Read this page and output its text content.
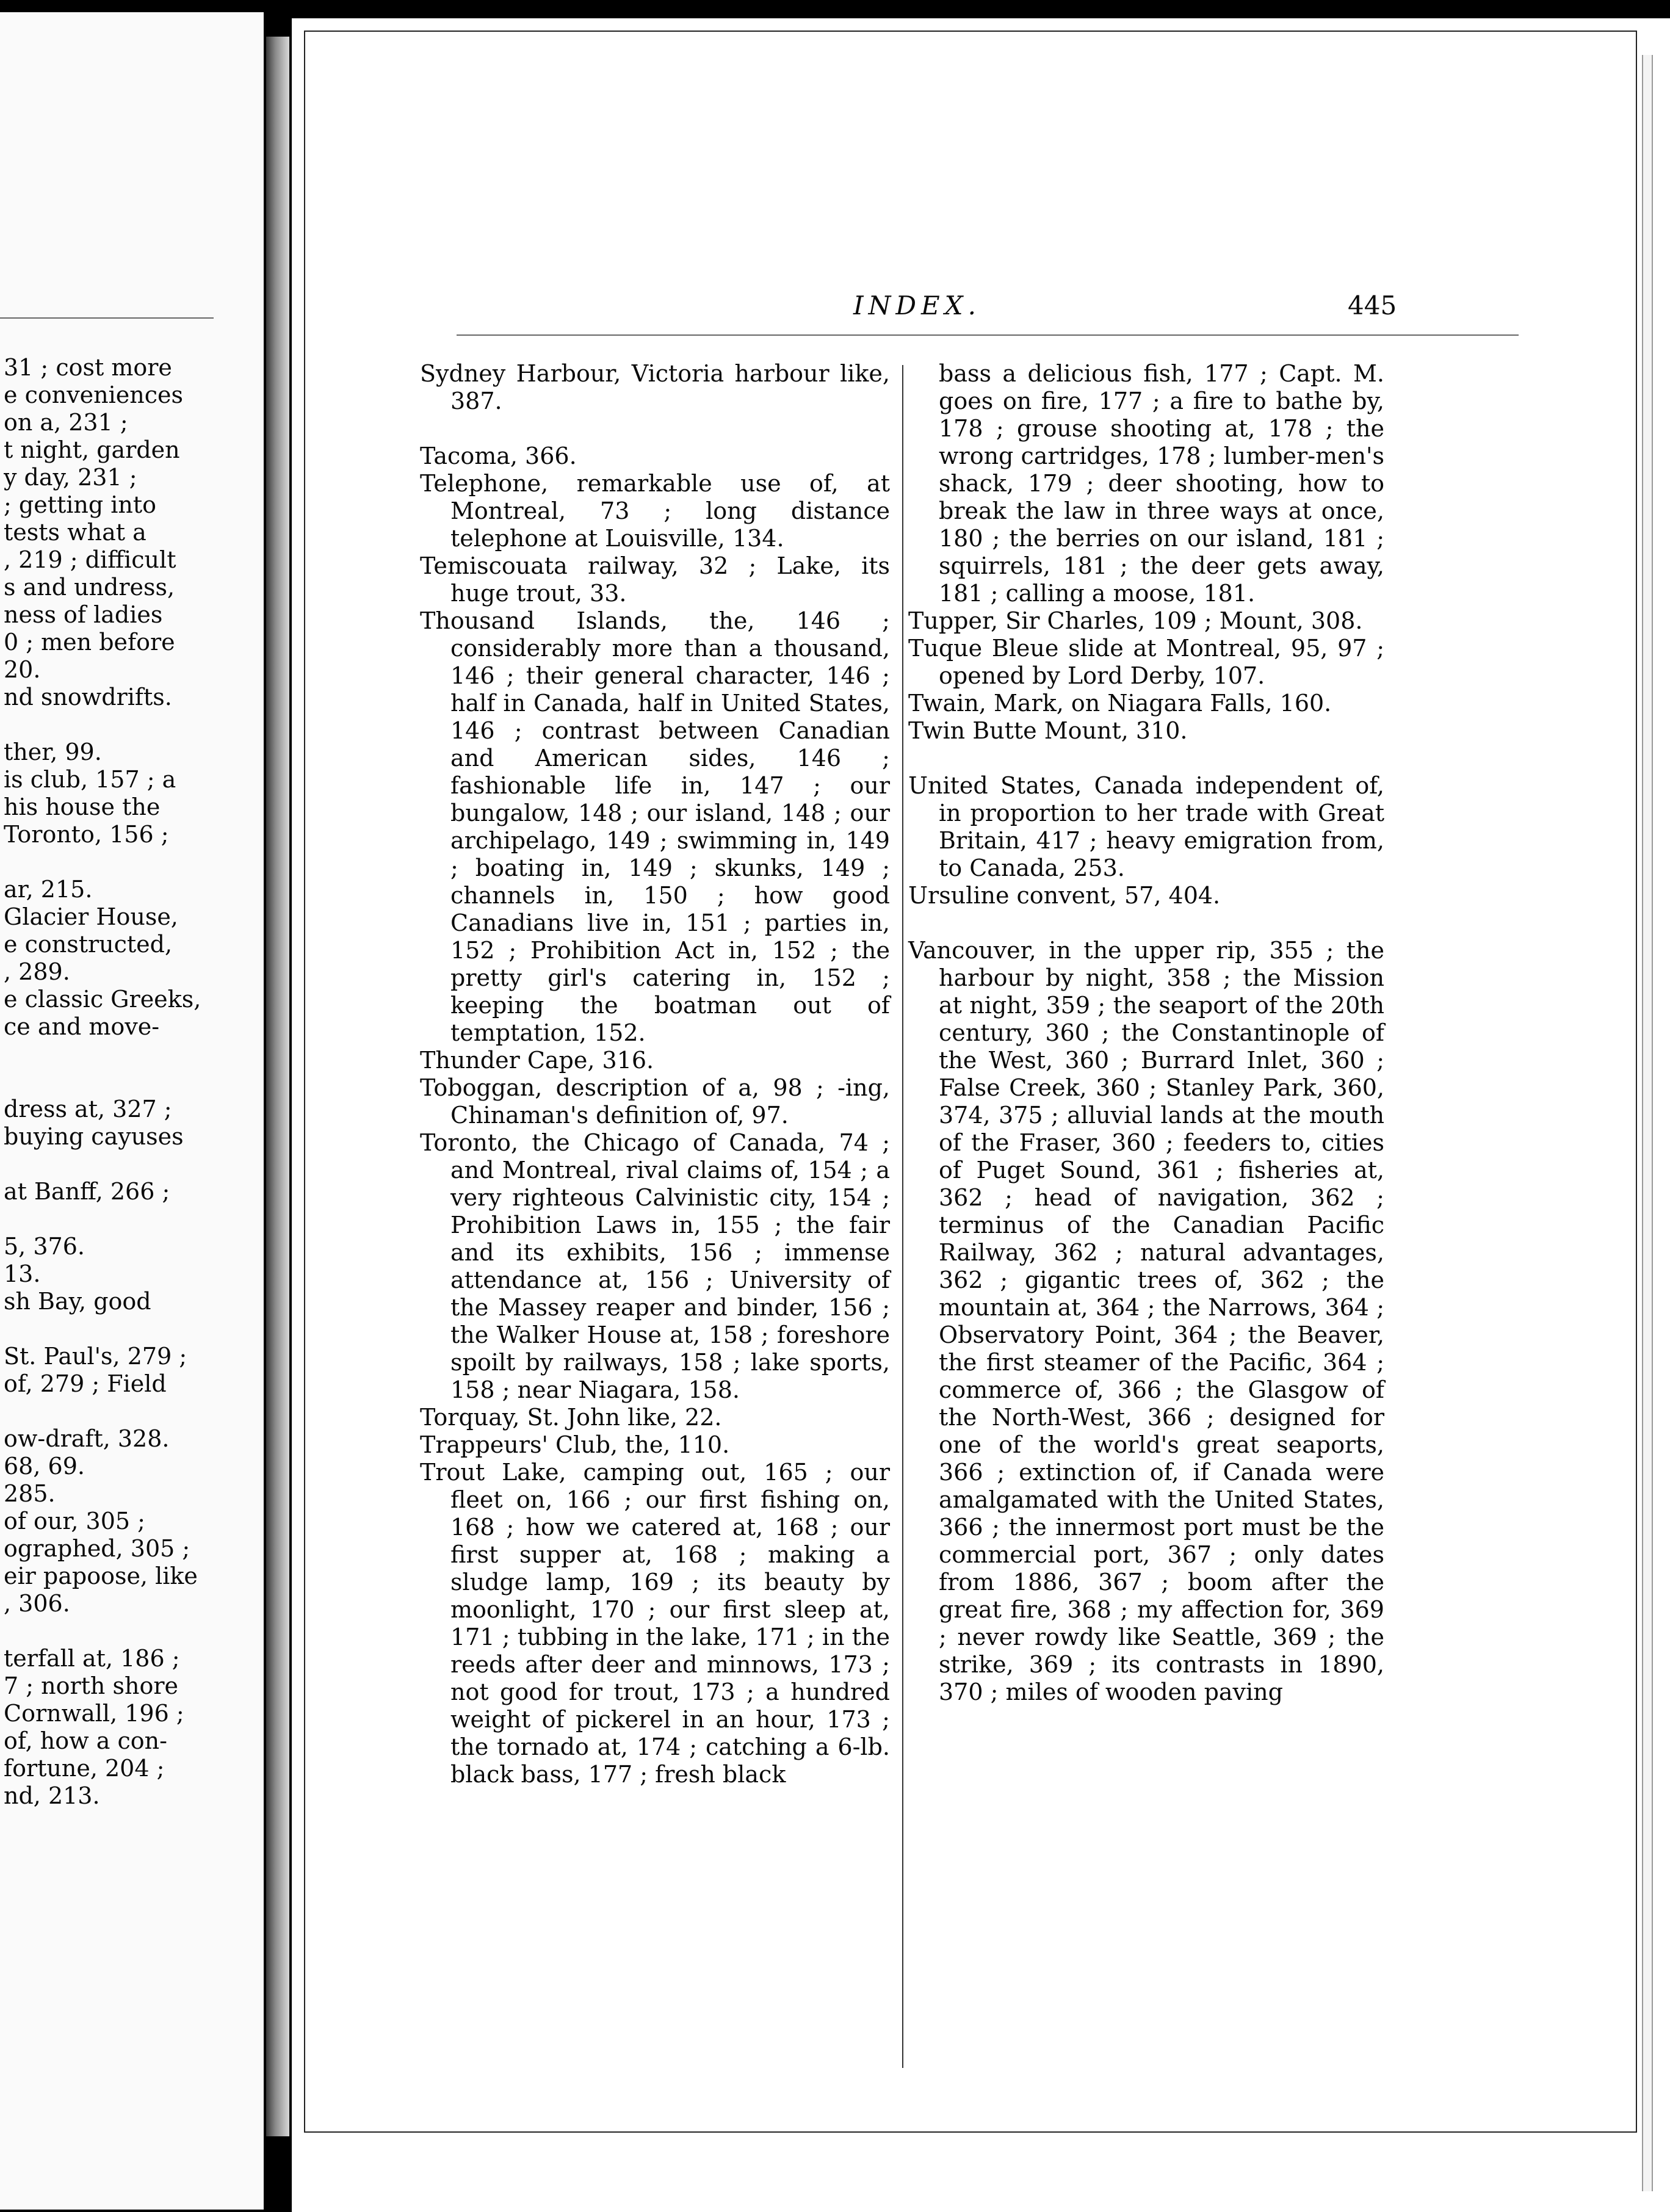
31 ; cost more
e conveniences
on a, 231 ;
t night, garden
y day, 231 ;
; getting into
tests what a
, 219 ; difficult
s and undress,
ness of ladies
0 ; men before
20.
nd snowdrifts.

ther, 99.
is club, 157 ; a
his house the
Toronto, 156 ;

ar, 215.
Glacier House,
e constructed,
, 289.
e classic Greeks,
ce and move-

dress at, 327 ;
buying cayuses

at Banff, 266 ;

5, 376.
13.
sh Bay, good

St. Paul's, 279 ;
of, 279 ; Field

ow-draft, 328.
68, 69.
285.
of our, 305 ;
ographed, 305 ;
eir papoose, like
, 306.

terfall at, 186 ;
7 ; north shore
Cornwall, 196 ;
of, how a con-
fortune, 204 ;
nd, 213.
INDEX.	445
Sydney Harbour, Victoria harbour like, 387.
Tacoma, 366.
Telephone, remarkable use of, at Montreal, 73 ; long distance telephone at Louisville, 134.
Temiscouata railway, 32 ; Lake, its huge trout, 33.
Thousand Islands, the, 146 ; considerably more than a thousand, 146 ; their general character, 146 ; half in Canada, half in United States, 146 ; contrast between Canadian and American sides, 146 ; fashionable life in, 147 ; our bungalow, 148 ; our island, 148 ; our archipelago, 149 ; swimming in, 149 ; boating in, 149 ; skunks, 149 ; channels in, 150 ; how good Canadians live in, 151 ; parties in, 152 ; Prohibition Act in, 152 ; the pretty girl's catering in, 152 ; keeping the boatman out of temptation, 152.
Thunder Cape, 316.
Toboggan, description of a, 98 ; -ing, Chinaman's definition of, 97.
Toronto, the Chicago of Canada, 74 ; and Montreal, rival claims of, 154 ; a very righteous Calvinistic city, 154 ; Prohibition Laws in, 155 ; the fair and its exhibits, 156 ; immense attendance at, 156 ; University of the Massey reaper and binder, 156 ; the Walker House at, 158 ; foreshore spoilt by railways, 158 ; lake sports, 158 ; near Niagara, 158.
Torquay, St. John like, 22.
Trappeurs' Club, the, 110.
Trout Lake, camping out, 165 ; our fleet on, 166 ; our first fishing on, 168 ; how we catered at, 168 ; our first supper at, 168 ; making a sludge lamp, 169 ; its beauty by moonlight, 170 ; our first sleep at, 171 ; tubbing in the lake, 171 ; in the reeds after deer and minnows, 173 ; not good for trout, 173 ; a hundred weight of pickerel in an hour, 173 ; the tornado at, 174 ; catching a 6-lb. black bass, 177 ; fresh black
bass a delicious fish, 177 ; Capt. M. goes on fire, 177 ; a fire to bathe by, 178 ; grouse shooting at, 178 ; the wrong cartridges, 178 ; lumber-men's shack, 179 ; deer shooting, how to break the law in three ways at once, 180 ; the berries on our island, 181 ; squirrels, 181 ; the deer gets away, 181 ; calling a moose, 181.
Tupper, Sir Charles, 109 ; Mount, 308.
Tuque Bleue slide at Montreal, 95, 97 ; opened by Lord Derby, 107.
Twain, Mark, on Niagara Falls, 160.
Twin Butte Mount, 310.
United States, Canada independent of, in proportion to her trade with Great Britain, 417 ; heavy emigration from, to Canada, 253.
Ursuline convent, 57, 404.
Vancouver, in the upper rip, 355 ; the harbour by night, 358 ; the Mission at night, 359 ; the seaport of the 20th century, 360 ; the Constantinople of the West, 360 ; Burrard Inlet, 360 ; False Creek, 360 ; Stanley Park, 360, 374, 375 ; alluvial lands at the mouth of the Fraser, 360 ; feeders to, cities of Puget Sound, 361 ; fisheries at, 362 ; head of navigation, 362 ; terminus of the Canadian Pacific Railway, 362 ; natural advantages, 362 ; gigantic trees of, 362 ; the mountain at, 364 ; the Narrows, 364 ; Observatory Point, 364 ; the Beaver, the first steamer of the Pacific, 364 ; commerce of, 366 ; the Glasgow of the North-West, 366 ; designed for one of the world's great seaports, 366 ; extinction of, if Canada were amalgamated with the United States, 366 ; the innermost port must be the commercial port, 367 ; only dates from 1886, 367 ; boom after the great fire, 368 ; my affection for, 369 ; never rowdy like Seattle, 369 ; the strike, 369 ; its contrasts in 1890, 370 ; miles of wooden paving
